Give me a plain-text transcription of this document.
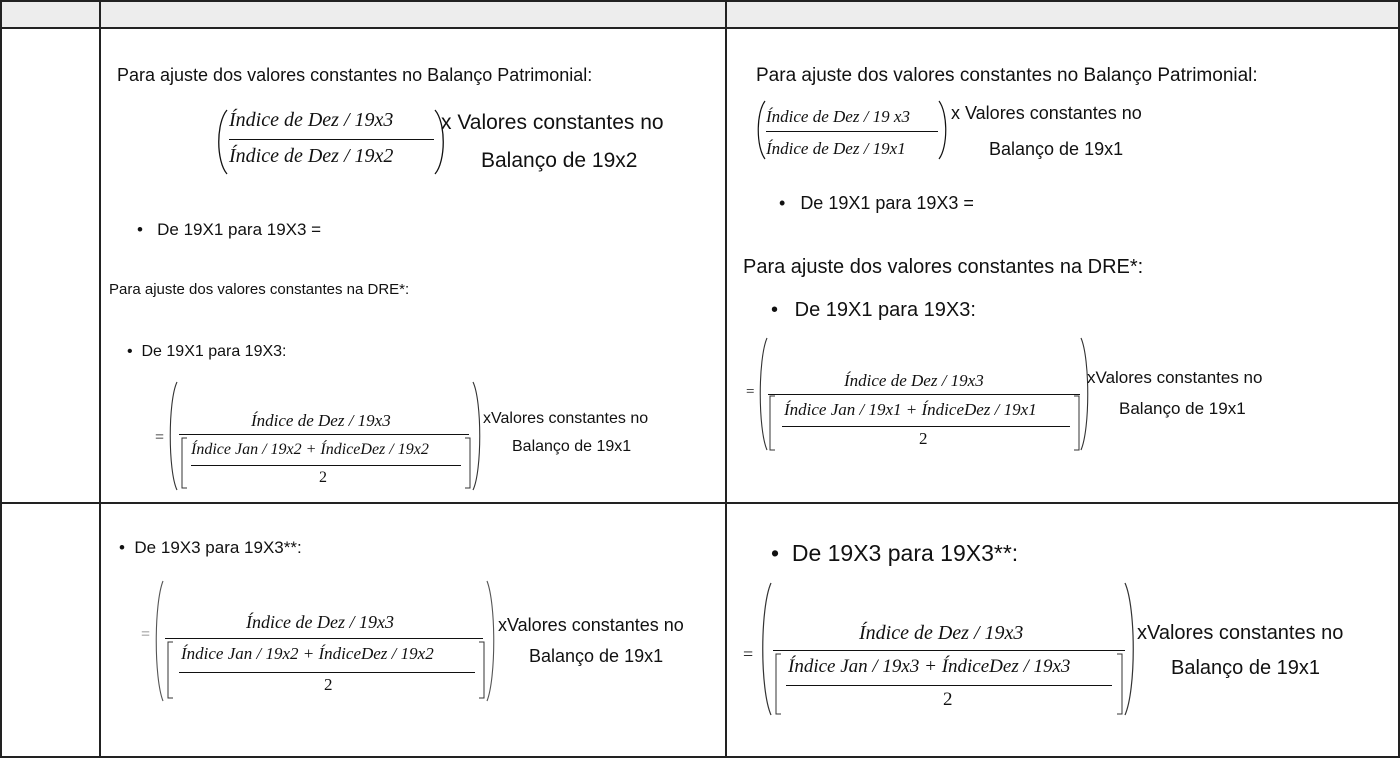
Para ajuste dos valores constantes no Balanço Patrimonial:
Índice de Dez / 19x3
Índice de Dez / 19x2
x Valores constantes no
Balanço de 19x2
•   De 19X1 para 19X3 =
Para ajuste dos valores constantes na DRE*:
•  De 19X1 para 19X3:
=
Índice de Dez / 19x3
Índice Jan / 19x2 + ÍndiceDez / 19x2
2
xValores constantes no
Balanço de 19x1
Para ajuste dos valores constantes no Balanço Patrimonial:
Índice de Dez / 19 x3
Índice de Dez / 19x1
x Valores constantes no
Balanço de 19x1
•   De 19X1 para 19X3 =
Para ajuste dos valores constantes na DRE*:
•   De 19X1 para 19X3:
=
Índice de Dez / 19x3
Índice Jan / 19x1 + ÍndiceDez / 19x1
2
xValores constantes no
Balanço de 19x1
•  De 19X3 para 19X3**:
=
Índice de Dez / 19x3
Índice Jan / 19x2 + ÍndiceDez / 19x2
2
xValores constantes no
Balanço de 19x1
•  De 19X3 para 19X3**:
=
Índice de Dez / 19x3
Índice Jan / 19x3 + ÍndiceDez / 19x3
2
xValores constantes no
Balanço de 19x1
